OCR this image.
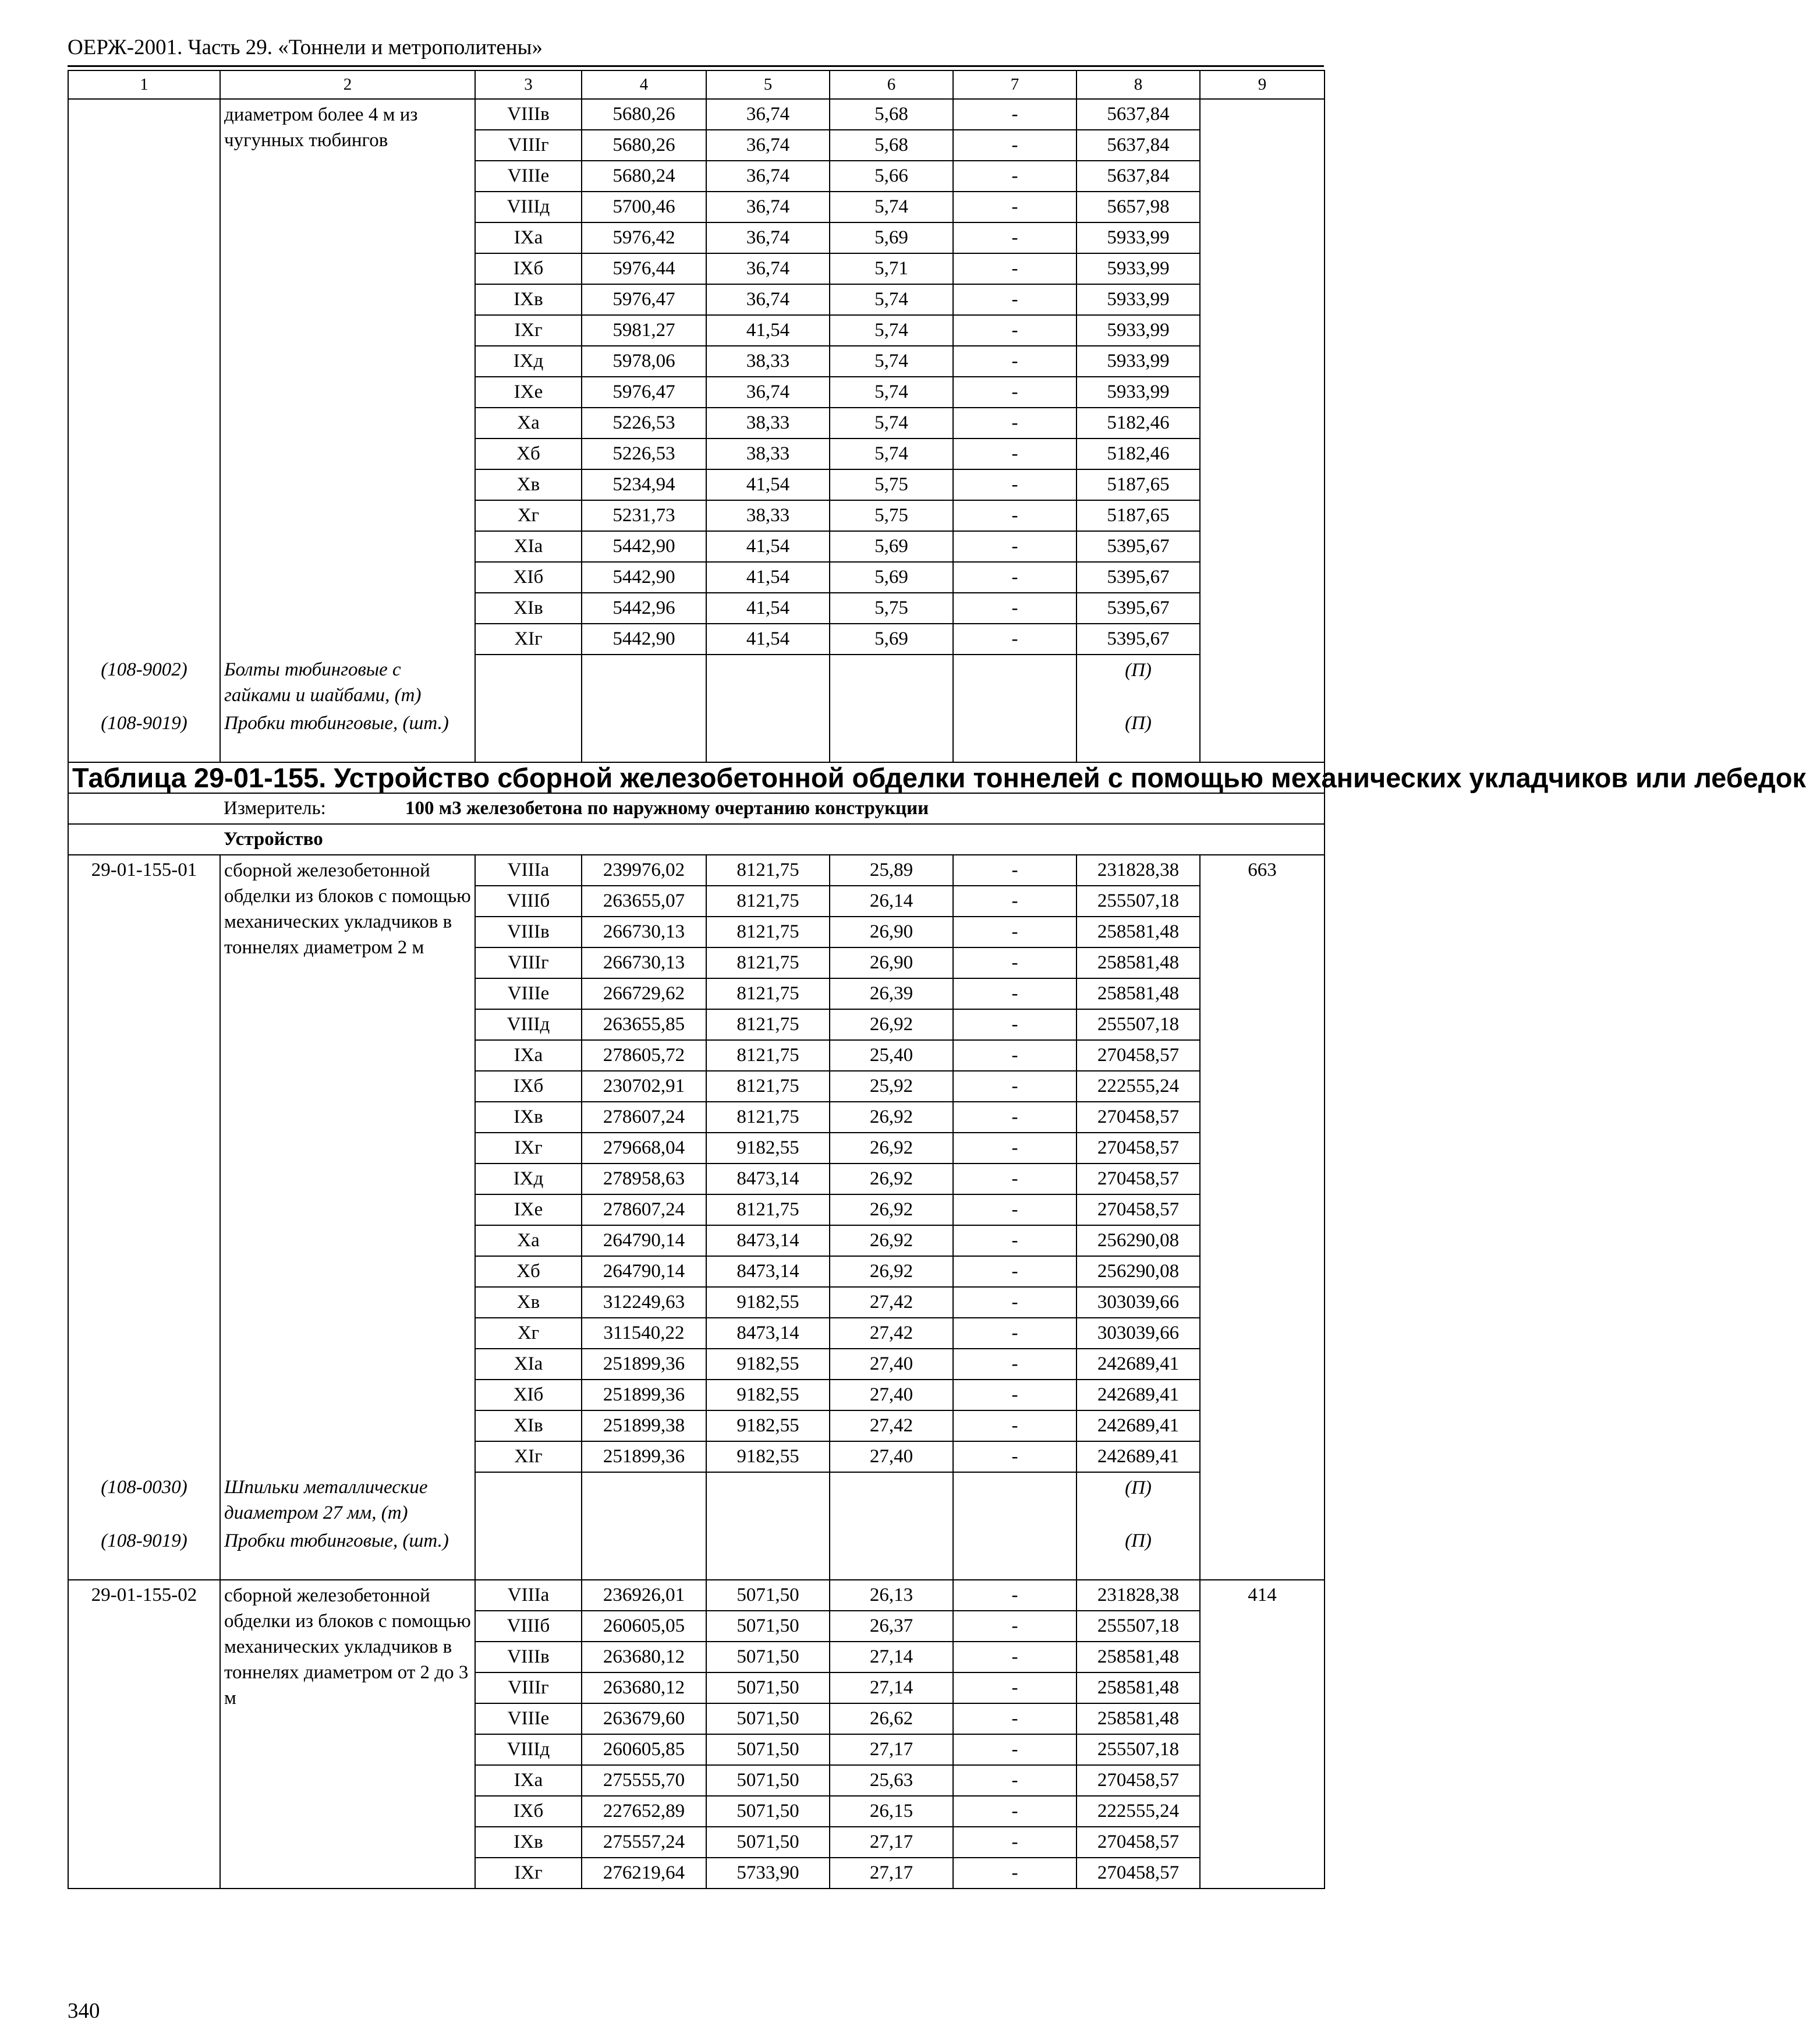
ОЕРЖ-2001. Часть 29. «Тоннели и метрополитены»
1	2	3	4	5	6	7	8	9
	диаметром более 4 м из чугунных тюбингов	VIIIв	5680,26	36,74	5,68	-	5637,84	
		VIIIг	5680,26	36,74	5,68	-	5637,84	
		VIIIе	5680,24	36,74	5,66	-	5637,84	
		VIIIд	5700,46	36,74	5,74	-	5657,98	
		IXа	5976,42	36,74	5,69	-	5933,99	
		IXб	5976,44	36,74	5,71	-	5933,99	
		IXв	5976,47	36,74	5,74	-	5933,99	
		IXг	5981,27	41,54	5,74	-	5933,99	
		IXд	5978,06	38,33	5,74	-	5933,99	
		IXе	5976,47	36,74	5,74	-	5933,99	
		Xа	5226,53	38,33	5,74	-	5182,46	
		Xб	5226,53	38,33	5,74	-	5182,46	
		Xв	5234,94	41,54	5,75	-	5187,65	
		Xг	5231,73	38,33	5,75	-	5187,65	
		XIа	5442,90	41,54	5,69	-	5395,67	
		XIб	5442,90	41,54	5,69	-	5395,67	
		XIв	5442,96	41,54	5,75	-	5395,67	
		XIг	5442,90	41,54	5,69	-	5395,67	
(108-9002)	Болты тюбинговые с гайками и шайбами, (т)						(П)	
(108-9019)	Пробки тюбинговые, (шт.)						(П)	
Таблица 29-01-155. Устройство сборной железобетонной обделки тоннелей с помощью механических укладчиков или лебедок								
Измеритель: 100 м3 железобетона по наружному очертанию конструкции								
Устройство								
29-01-155-01	сборной железобетонной обделки из блоков с помощью механических укладчиков в тоннелях диаметром 2 м	VIIIа	239976,02	8121,75	25,89	-	231828,38	663
		VIIIб	263655,07	8121,75	26,14	-	255507,18	
		VIIIв	266730,13	8121,75	26,90	-	258581,48	
		VIIIг	266730,13	8121,75	26,90	-	258581,48	
		VIIIе	266729,62	8121,75	26,39	-	258581,48	
		VIIIд	263655,85	8121,75	26,92	-	255507,18	
		IXа	278605,72	8121,75	25,40	-	270458,57	
		IXб	230702,91	8121,75	25,92	-	222555,24	
		IXв	278607,24	8121,75	26,92	-	270458,57	
		IXг	279668,04	9182,55	26,92	-	270458,57	
		IXд	278958,63	8473,14	26,92	-	270458,57	
		IXе	278607,24	8121,75	26,92	-	270458,57	
		Xа	264790,14	8473,14	26,92	-	256290,08	
		Xб	264790,14	8473,14	26,92	-	256290,08	
		Xв	312249,63	9182,55	27,42	-	303039,66	
		Xг	311540,22	8473,14	27,42	-	303039,66	
		XIа	251899,36	9182,55	27,40	-	242689,41	
		XIб	251899,36	9182,55	27,40	-	242689,41	
		XIв	251899,38	9182,55	27,42	-	242689,41	
		XIг	251899,36	9182,55	27,40	-	242689,41	
(108-0030)	Шпильки металлические диаметром 27 мм, (т)						(П)	
(108-9019)	Пробки тюбинговые, (шт.)						(П)	
29-01-155-02	сборной железобетонной обделки из блоков с помощью механических укладчиков в тоннелях диаметром от 2 до 3 м	VIIIа	236926,01	5071,50	26,13	-	231828,38	414
		VIIIб	260605,05	5071,50	26,37	-	255507,18	
		VIIIв	263680,12	5071,50	27,14	-	258581,48	
		VIIIг	263680,12	5071,50	27,14	-	258581,48	
		VIIIе	263679,60	5071,50	26,62	-	258581,48	
		VIIIд	260605,85	5071,50	27,17	-	255507,18	
		IXа	275555,70	5071,50	25,63	-	270458,57	
		IXб	227652,89	5071,50	26,15	-	222555,24	
		IXв	275557,24	5071,50	27,17	-	270458,57	
		IXг	276219,64	5733,90	27,17	-	270458,57	
340
